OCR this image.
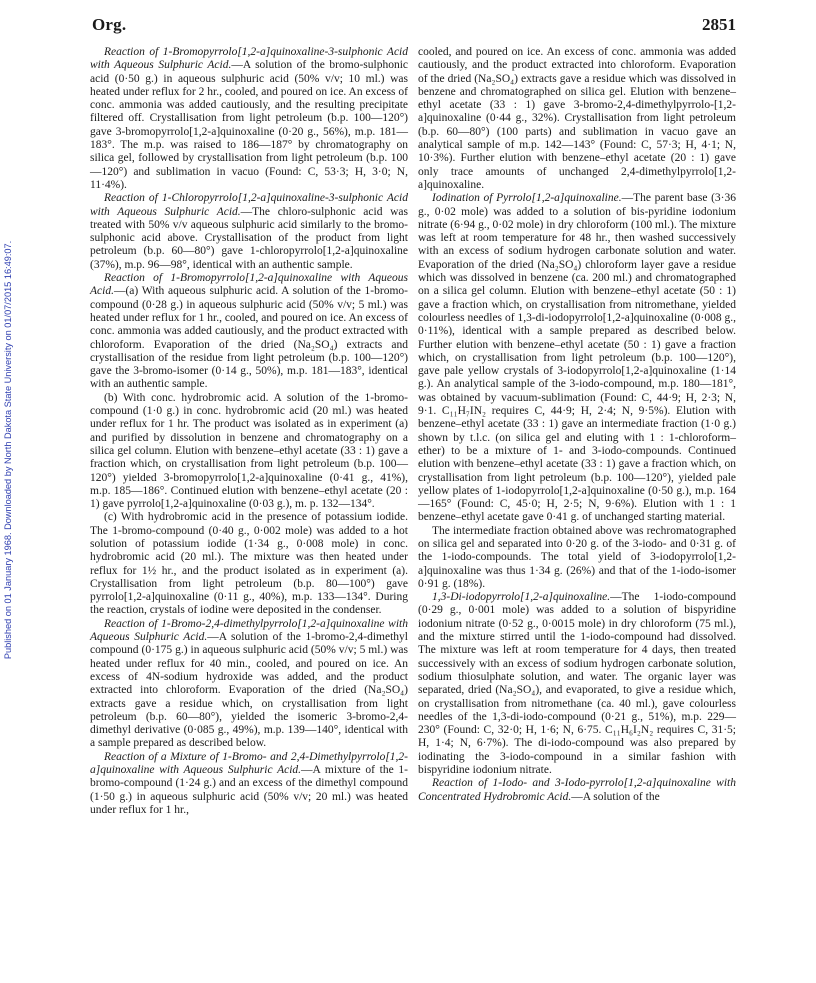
Published on 01 January 1968. Downloaded by North Dakota State University on 01/07/2015 16:49:07.
Org.	2851

Reaction of 1-Bromopyrrolo[1,2-a]quinoxaline-3-sulphonic Acid with Aqueous Sulphuric Acid.—A solution of the bromo-sulphonic acid (0·50 g.) in aqueous sulphuric acid (50% v/v; 10 ml.) was heated under reflux for 2 hr., cooled, and poured on ice. An excess of conc. ammonia was added cautiously, and the resulting precipitate filtered off. Crystallisation from light petroleum (b.p. 100—120°) gave 3-bromopyrrolo[1,2-a]quinoxaline (0·20 g., 56%), m.p. 181—183°. The m.p. was raised to 186—187° by chromatography on silica gel, followed by crystallisation from light petroleum (b.p. 100—120°) and sublimation in vacuo (Found: C, 53·3; H, 3·0; N, 11·4%).

Reaction of 1-Chloropyrrolo[1,2-a]quinoxaline-3-sulphonic Acid with Aqueous Sulphuric Acid.—The chloro-sulphonic acid was treated with 50% v/v aqueous sulphuric acid similarly to the bromo-sulphonic acid above. Crystallisation of the product from light petroleum (b.p. 60—80°) gave 1-chloropyrrolo[1,2-a]quinoxaline (37%), m.p. 96—98°, identical with an authentic sample.

Reaction of 1-Bromopyrrolo[1,2-a]quinoxaline with Aqueous Acid.—(a) With aqueous sulphuric acid. A solution of the 1-bromo-compound (0·28 g.) in aqueous sulphuric acid (50% v/v; 5 ml.) was heated under reflux for 1 hr., cooled, and poured on ice. An excess of conc. ammonia was added cautiously, and the product extracted with chloroform. Evaporation of the dried (Na₂SO₄) extracts and crystallisation of the residue from light petroleum (b.p. 100—120°) gave the 3-bromo-isomer (0·14 g., 50%), m.p. 181—183°, identical with an authentic sample.

(b) With conc. hydrobromic acid. A solution of the 1-bromo-compound (1·0 g.) in conc. hydrobromic acid (20 ml.) was heated under reflux for 1 hr. The product was isolated as in experiment (a) and purified by dissolution in benzene and chromatography on a silica gel column. Elution with benzene–ethyl acetate (33 : 1) gave a fraction which, on crystallisation from light petroleum (b.p. 100—120°) yielded 3-bromopyrrolo[1,2-a]quinoxaline (0·41 g., 41%), m.p. 185—186°. Continued elution with benzene–ethyl acetate (20 : 1) gave pyrrolo[1,2-a]quinoxaline (0·03 g.), m. p. 132—134°.

(c) With hydrobromic acid in the presence of potassium iodide. The 1-bromo-compound (0·40 g., 0·002 mole) was added to a hot solution of potassium iodide (1·34 g., 0·008 mole) in conc. hydrobromic acid (20 ml.). The mixture was then heated under reflux for 1½ hr., and the product isolated as in experiment (a). Crystallisation from light petroleum (b.p. 80—100°) gave pyrrolo[1,2-a]quinoxaline (0·11 g., 40%), m.p. 133—134°. During the reaction, crystals of iodine were deposited in the condenser.

Reaction of 1-Bromo-2,4-dimethylpyrrolo[1,2-a]quinoxaline with Aqueous Sulphuric Acid.—A solution of the 1-bromo-2,4-dimethyl compound (0·175 g.) in aqueous sulphuric acid (50% v/v; 5 ml.) was heated under reflux for 40 min., cooled, and poured on ice. An excess of 4N-sodium hydroxide was added, and the product extracted into chloroform. Evaporation of the dried (Na₂SO₄) extracts gave a residue which, on crystallisation from light petroleum (b.p. 60—80°), yielded the isomeric 3-bromo-2,4-dimethyl derivative (0·085 g., 49%), m.p. 139—140°, identical with a sample prepared as described below.

Reaction of a Mixture of 1-Bromo- and 2,4-Dimethylpyrrolo[1,2-a]quinoxaline with Aqueous Sulphuric Acid.—A mixture of the 1-bromo-compound (1·24 g.) and an excess of the dimethyl compound (1·50 g.) in aqueous sulphuric acid (50% v/v; 20 ml.) was heated under reflux for 1 hr.,

cooled, and poured on ice. An excess of conc. ammonia was added cautiously, and the product extracted into chloroform. Evaporation of the dried (Na₂SO₄) extracts gave a residue which was dissolved in benzene and chromatographed on silica gel. Elution with benzene–ethyl acetate (33 : 1) gave 3-bromo-2,4-dimethylpyrrolo-[1,2-a]quinoxaline (0·44 g., 32%). Crystallisation from light petroleum (b.p. 60—80°) (100 parts) and sublimation in vacuo gave an analytical sample of m.p. 142—143° (Found: C, 57·3; H, 4·1; N, 10·3%). Further elution with benzene–ethyl acetate (20 : 1) gave only trace amounts of unchanged 2,4-dimethylpyrrolo[1,2-a]quinoxaline.

Iodination of Pyrrolo[1,2-a]quinoxaline.—The parent base (3·36 g., 0·02 mole) was added to a solution of bis-pyridine iodonium nitrate (6·94 g., 0·02 mole) in dry chloroform (100 ml.). The mixture was left at room temperature for 48 hr., then washed successively with an excess of sodium hydrogen carbonate solution and water. Evaporation of the dried (Na₂SO₄) chloroform layer gave a residue which was dissolved in benzene (ca. 200 ml.) and chromatographed on a silica gel column. Elution with benzene–ethyl acetate (50 : 1) gave a fraction which, on crystallisation from nitromethane, yielded colourless needles of 1,3-di-iodopyrrolo[1,2-a]quinoxaline (0·008 g., 0·11%), identical with a sample prepared as described below. Further elution with benzene–ethyl acetate (50 : 1) gave a fraction which, on crystallisation from light petroleum (b.p. 100—120°), gave pale yellow crystals of 3-iodopyrrolo[1,2-a]quinoxaline (1·14 g.). An analytical sample of the 3-iodo-compound, m.p. 180—181°, was obtained by vacuum-sublimation (Found: C, 44·9; H, 2·3; N, 9·1. C₁₁H₇IN₂ requires C, 44·9; H, 2·4; N, 9·5%). Elution with benzene–ethyl acetate (33 : 1) gave an intermediate fraction (1·0 g.) shown by t.l.c. (on silica gel and eluting with 1 : 1-chloroform–ether) to be a mixture of 1- and 3-iodo-compounds. Continued elution with benzene–ethyl acetate (33 : 1) gave a fraction which, on crystallisation from light petroleum (b.p. 100—120°), yielded pale yellow plates of 1-iodopyrrolo[1,2-a]quinoxaline (0·50 g.), m.p. 164—165° (Found: C, 45·0; H, 2·5; N, 9·6%). Elution with 1 : 1 benzene–ethyl acetate gave 0·41 g. of unchanged starting material.

The intermediate fraction obtained above was rechromatographed on silica gel and separated into 0·20 g. of the 3-iodo- and 0·31 g. of the 1-iodo-compounds. The total yield of 3-iodopyrrolo[1,2-a]quinoxaline was thus 1·34 g. (26%) and that of the 1-iodo-isomer 0·91 g. (18%).

1,3-Di-iodopyrrolo[1,2-a]quinoxaline.—The 1-iodo-compound (0·29 g., 0·001 mole) was added to a solution of bispyridine iodonium nitrate (0·52 g., 0·0015 mole) in dry chloroform (75 ml.), and the mixture stirred until the 1-iodo-compound had dissolved. The mixture was left at room temperature for 4 days, then treated successively with an excess of sodium hydrogen carbonate solution, sodium thiosulphate solution, and water. The organic layer was separated, dried (Na₂SO₄), and evaporated, to give a residue which, on crystallisation from nitromethane (ca. 40 ml.), gave colourless needles of the 1,3-di-iodo-compound (0·21 g., 51%), m.p. 229—230° (Found: C, 32·0; H, 1·6; N, 6·75. C₁₁H₆I₂N₂ requires C, 31·5; H, 1·4; N, 6·7%). The di-iodo-compound was also prepared by iodinating the 3-iodo-compound in a similar fashion with bispyridine iodonium nitrate.

Reaction of 1-Iodo- and 3-Iodo-pyrrolo[1,2-a]quinoxaline with Concentrated Hydrobromic Acid.—A solution of the
